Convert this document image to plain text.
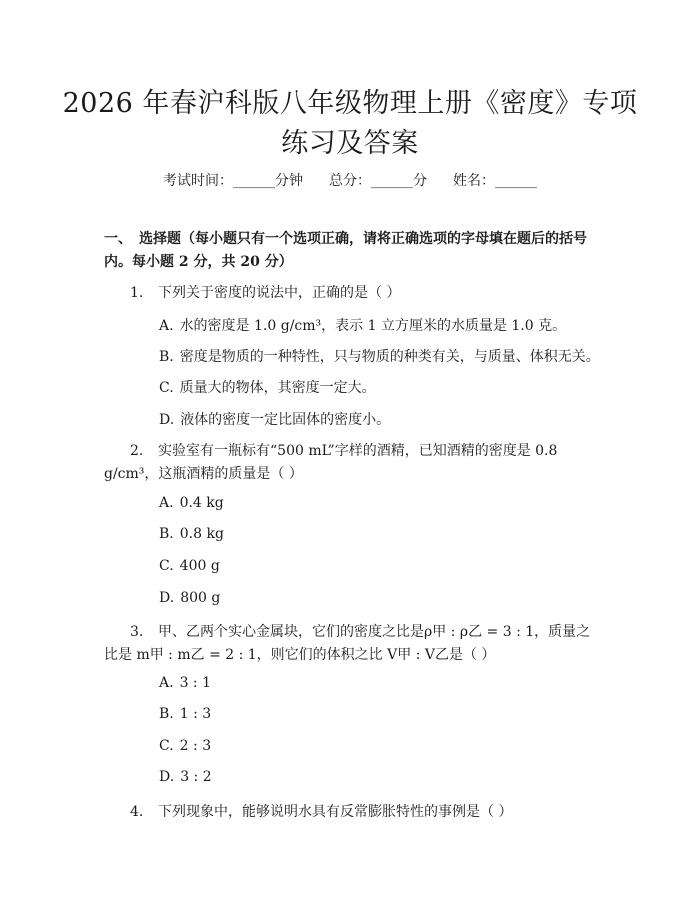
2026 年春沪科版八年级物理上册《密度》专项练习及答案
考试时间：______分钟 总分：______分 姓名：______
一、　选择题（每小题只有一个选项正确，请将正确选项的字母填在题后的括号内。每小题 2 分，共 20 分）
1. 下列关于密度的说法中，正确的是（ ）
A. 水的密度是 1.0 g/cm³，表示 1 立方厘米的水质量是 1.0 克。
B. 密度是物质的一种特性，只与物质的种类有关，与质量、体积无关。
C. 质量大的物体，其密度一定大。
D. 液体的密度一定比固体的密度小。
2. 实验室有一瓶标有“500 mL”字样的酒精，已知酒精的密度是 0.8 g/cm³，这瓶酒精的质量是（ ）
A. 0.4 kg
B. 0.8 kg
C. 400 g
D. 800 g
3. 甲、乙两个实心金属块，它们的密度之比是ρ甲 : ρ乙 = 3 : 1，质量之比是 m甲 : m乙 = 2 : 1，则它们的体积之比 V甲 : V乙是（ ）
A. 3 : 1
B. 1 : 3
C. 2 : 3
D. 3 : 2
4. 下列现象中，能够说明水具有反常膨胀特性的事例是（ ）
